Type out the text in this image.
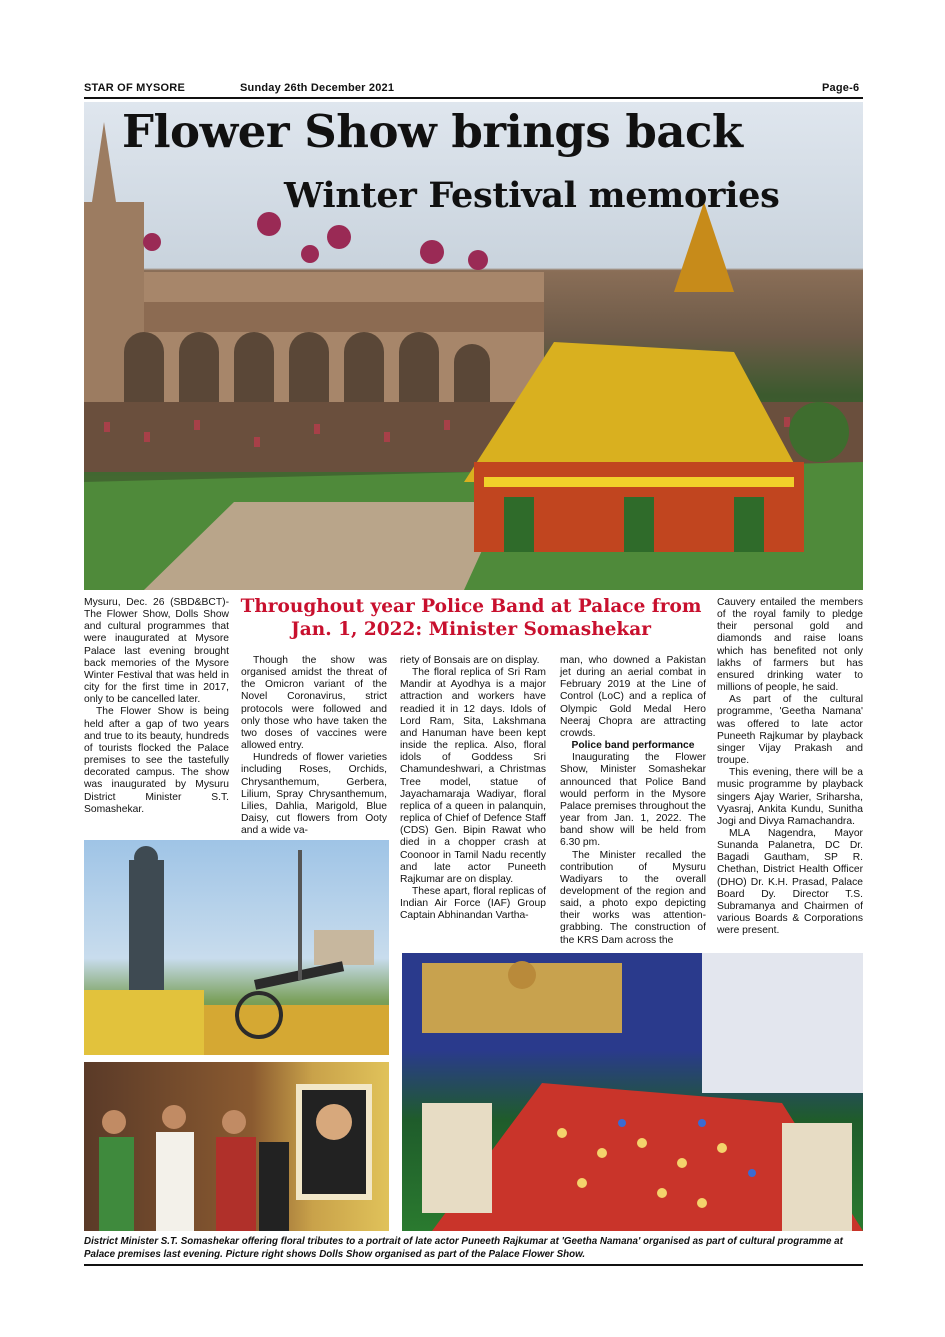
STAR OF MYSORE	Sunday 26th December 2021	Page-6
Flower Show brings back
Winter Festival memories
Throughout year Police Band at Palace from
Jan. 1, 2022: Minister Somashekar

Mysuru, Dec. 26 (SBD&BCT)- The Flower Show, Dolls Show and cultural programmes that were inaugurated at Mysore Palace last evening brought back memories of the Mysore Winter Festival that was held in city for the first time in 2017, only to be cancelled later.

The Flower Show is being held after a gap of two years and true to its beauty, hundreds of tourists flocked the Palace premises to see the tastefully decorated campus. The show was inaugurated by Mysuru District Minister S.T. Somashekar.

Though the show was organised amidst the threat of the Omicron variant of the Novel Coronavirus, strict protocols were followed and only those who have taken the two doses of vaccines were allowed entry.

Hundreds of flower varieties including Roses, Orchids, Chrysanthemum, Gerbera, Lilium, Spray Chrysanthemum, Lilies, Dahlia, Marigold, Blue Daisy, cut flowers from Ooty and a wide va-

riety of Bonsais are on display.

The floral replica of Sri Ram Mandir at Ayodhya is a major attraction and workers have readied it in 12 days. Idols of Lord Ram, Sita, Lakshmana and Hanuman have been kept inside the replica. Also, floral idols of Goddess Sri Chamundeshwari, a Christmas Tree model, statue of Jayachamaraja Wadiyar, floral replica of a queen in palanquin, replica of Chief of Defence Staff (CDS) Gen. Bipin Rawat who died in a chopper crash at Coonoor in Tamil Nadu recently and late actor Puneeth Rajkumar are on display.

These apart, floral replicas of Indian Air Force (IAF) Group Captain Abhinandan Vartha-

man, who downed a Pakistan jet during an aerial combat in February 2019 at the Line of Control (LoC) and a replica of Olympic Gold Medal Hero Neeraj Chopra are attracting crowds.

Police band performance

Inaugurating the Flower Show, Minister Somashekar announced that Police Band would perform in the Mysore Palace premises throughout the year from Jan. 1, 2022. The band show will be held from 6.30 pm.

The Minister recalled the contribution of Mysuru Wadiyars to the overall development of the region and said, a photo expo depicting their works was attention-grabbing. The construction of the KRS Dam across the

Cauvery entailed the members of the royal family to pledge their personal gold and diamonds and raise loans which has benefited not only lakhs of farmers but has ensured drinking water to millions of people, he said.

As part of the cultural programme, 'Geetha Namana' was offered to late actor Puneeth Rajkumar by playback singer Vijay Prakash and troupe.

This evening, there will be a music programme by playback singers Ajay Warier, Sriharsha, Vyasraj, Ankita Kundu, Sunitha Jogi and Divya Ramachandra.

MLA Nagendra, Mayor Sunanda Palanetra, DC Dr. Bagadi Gautham, SP R. Chethan, District Health Officer (DHO) Dr. K.H. Prasad, Palace Board Dy. Director T.S. Subramanya and Chairmen of various Boards & Corporations were present.

District Minister S.T. Somashekar offering floral tributes to a portrait of late actor Puneeth Rajkumar at 'Geetha Namana' organised as part of cultural programme at
Palace premises last evening. Picture right shows Dolls Show organised as part of the Palace Flower Show.
